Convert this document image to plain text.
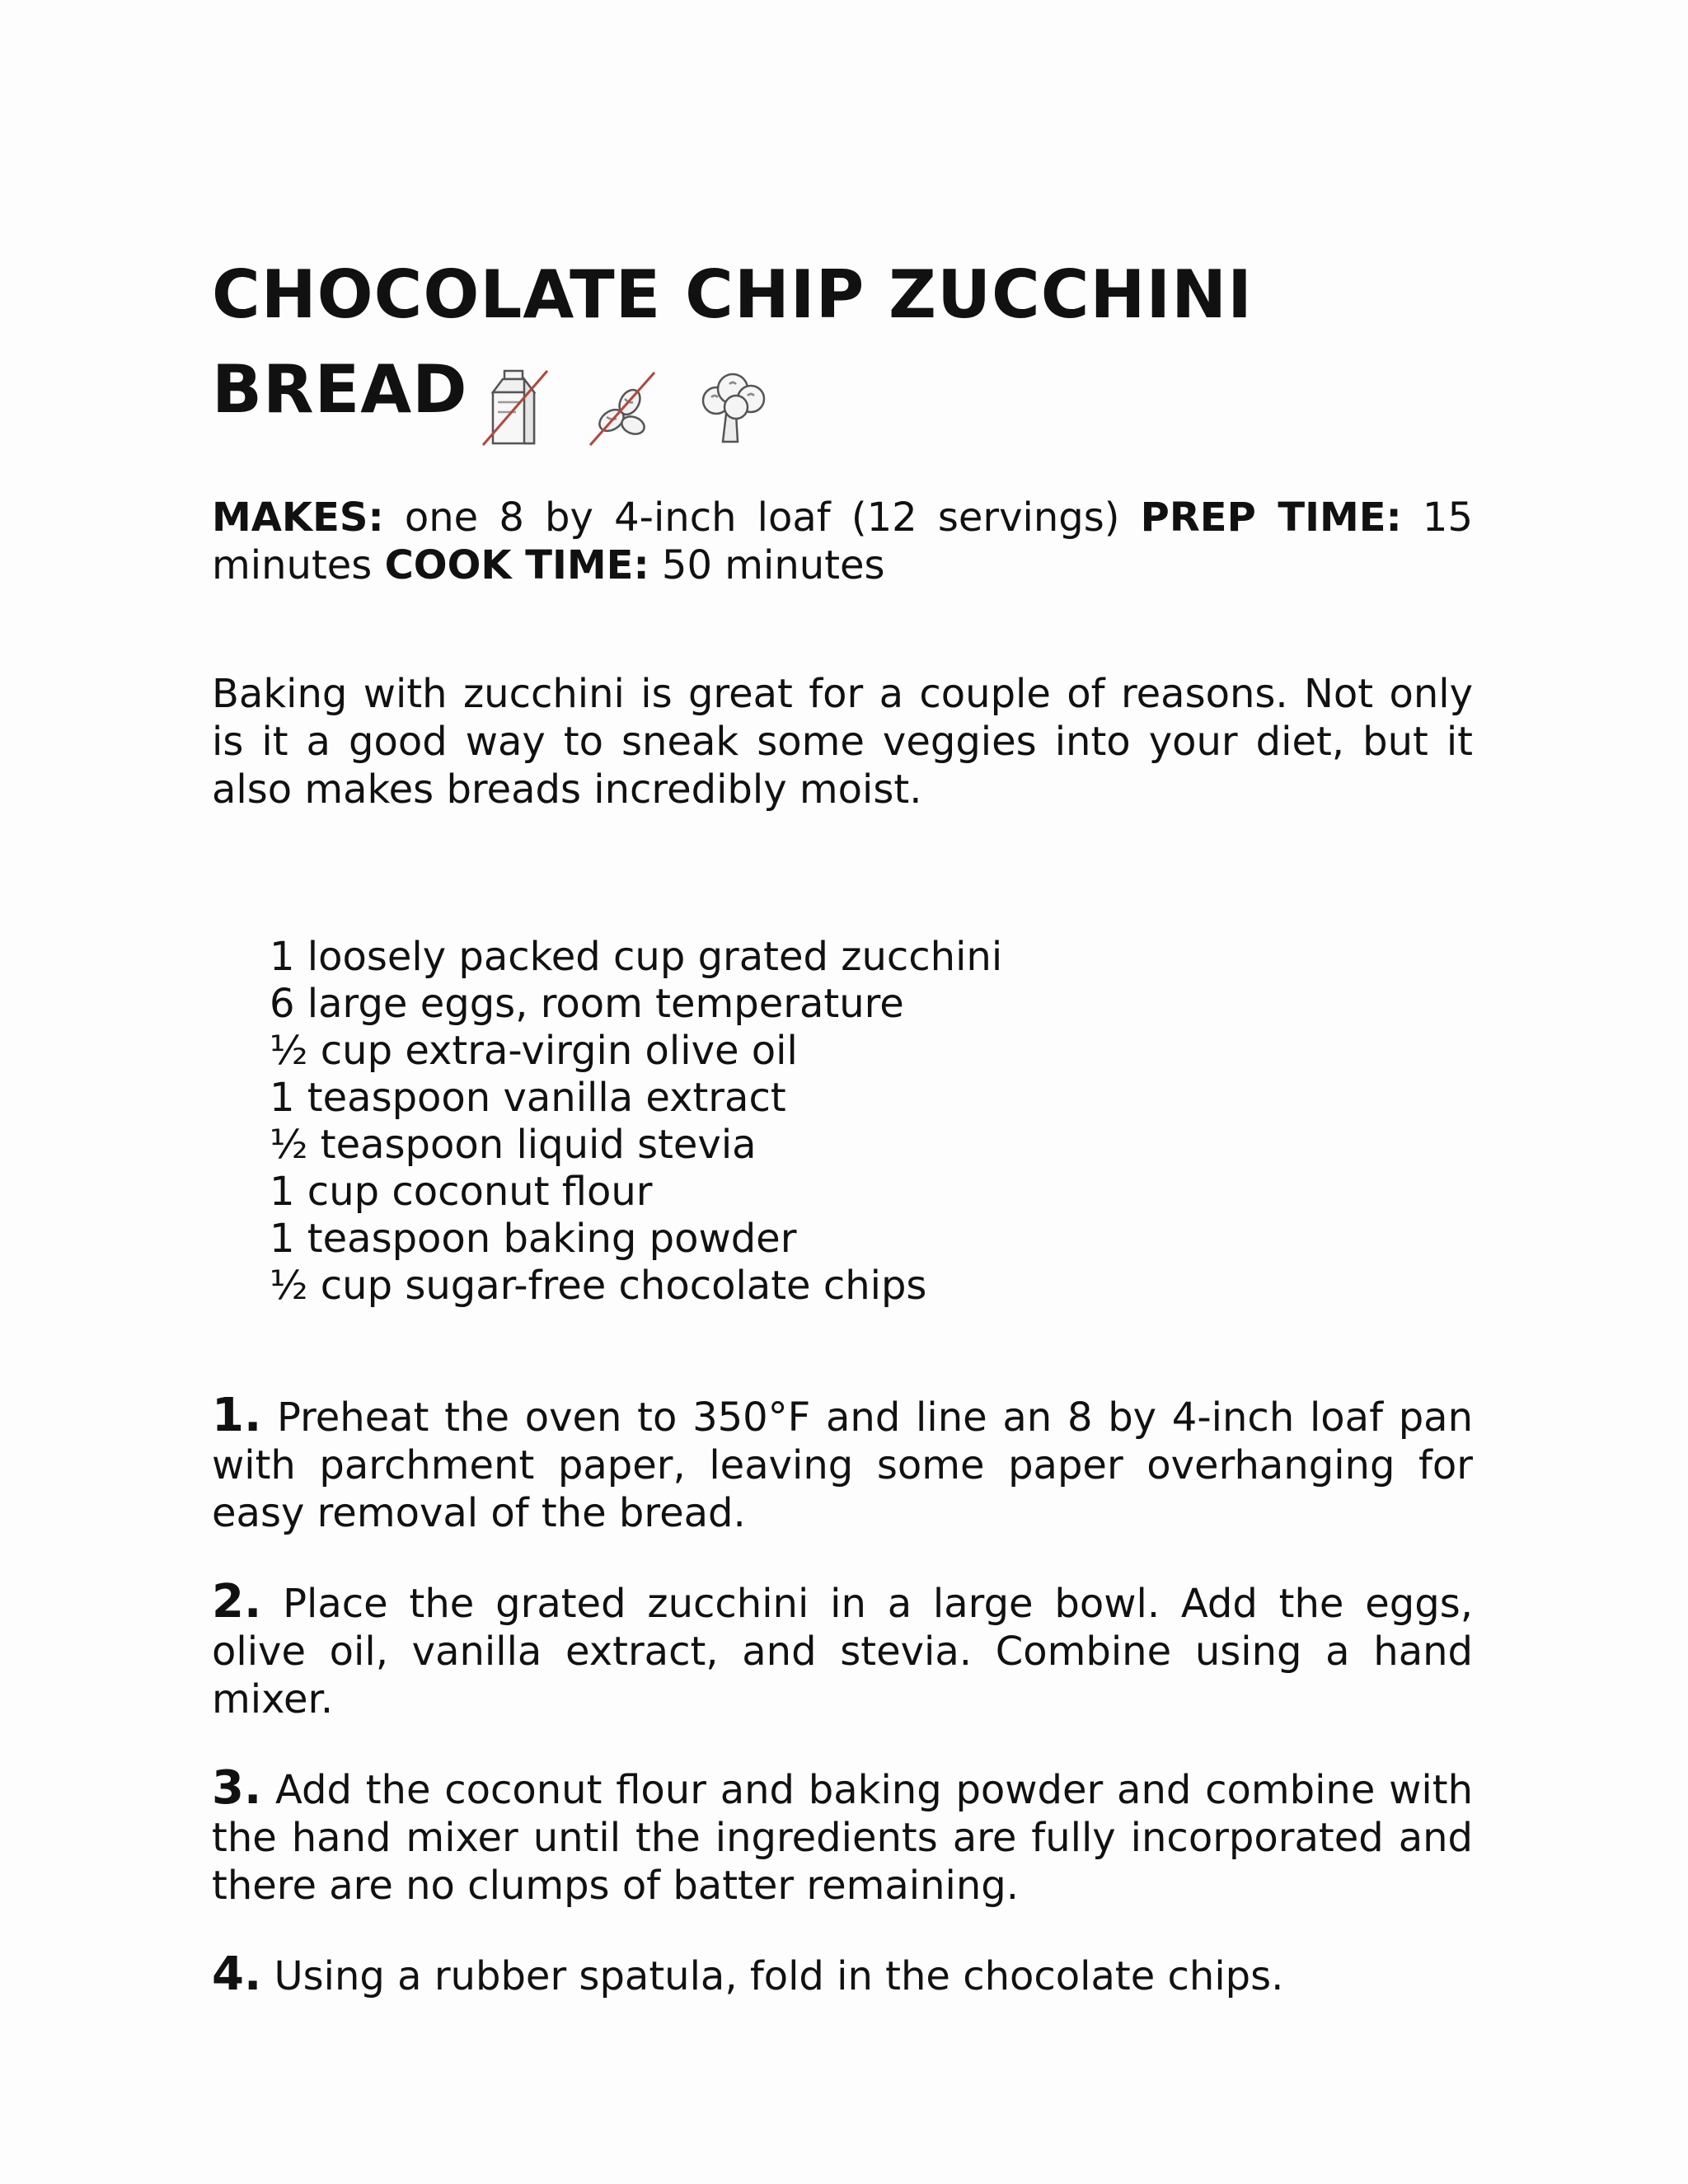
CHOCOLATE CHIP ZUCCHINI
BREAD

MAKES: one 8 by 4-inch loaf (12 servings) PREP TIME: 15 minutes COOK TIME: 50 minutes

Baking with zucchini is great for a couple of reasons. Not only is it a good way to sneak some veggies into your diet, but it also makes breads incredibly moist.

1 loosely packed cup grated zucchini
6 large eggs, room temperature
½ cup extra-virgin olive oil
1 teaspoon vanilla extract
½ teaspoon liquid stevia
1 cup coconut ﬂour
1 teaspoon baking powder
½ cup sugar-free chocolate chips

1. Preheat the oven to 350°F and line an 8 by 4-inch loaf pan with parchment paper, leaving some paper overhanging for easy removal of the bread.

2. Place the grated zucchini in a large bowl. Add the eggs, olive oil, vanilla extract, and stevia. Combine using a hand mixer.

3. Add the coconut ﬂour and baking powder and combine with the hand mixer until the ingredients are fully incorporated and there are no clumps of batter remaining.

4. Using a rubber spatula, fold in the chocolate chips.
